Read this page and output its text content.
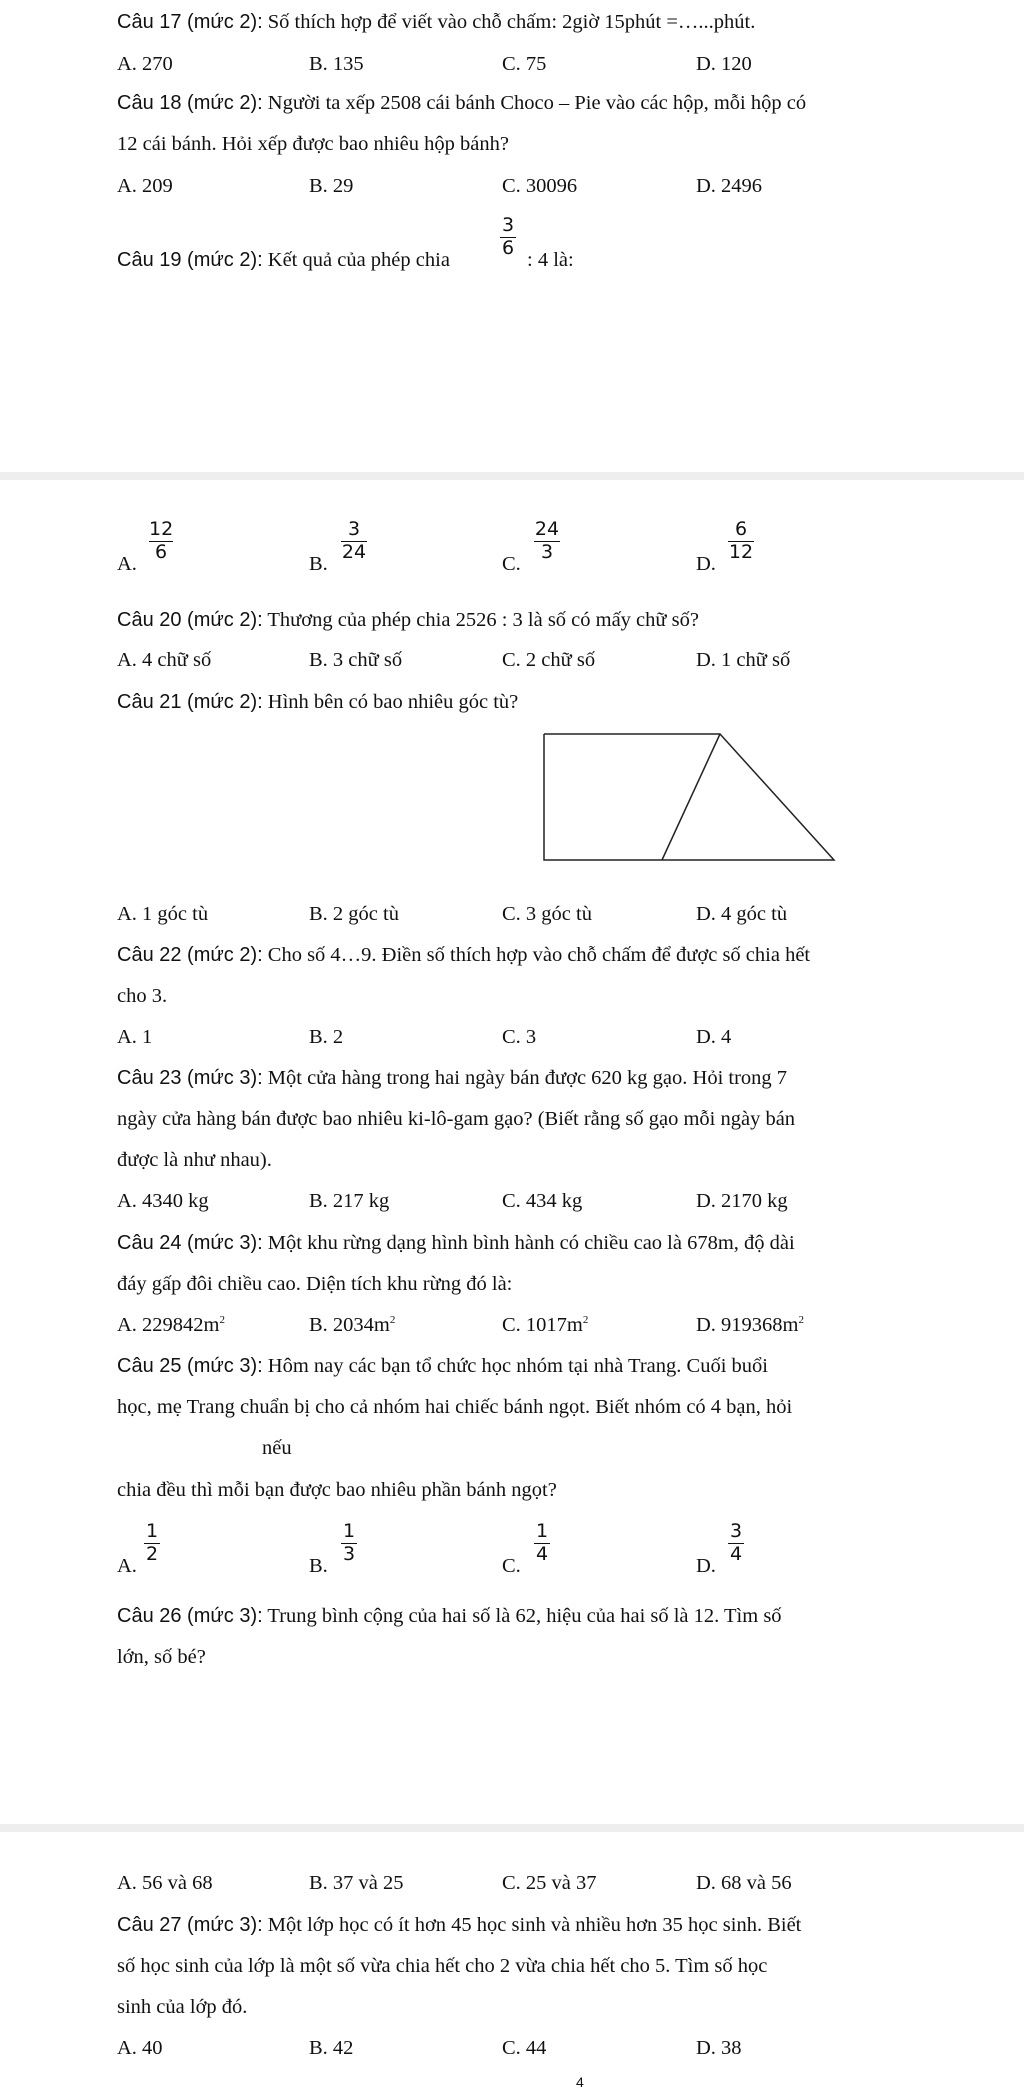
Câu 17 (mức 2): Số thích hợp để viết vào chỗ chấm: 2giờ 15phút =…...phút.
A. 270	B. 135	C. 75	D. 120
Câu 18 (mức 2): Người ta xếp 2508 cái bánh Choco – Pie vào các hộp, mỗi hộp có
12 cái bánh. Hỏi xếp được bao nhiêu hộp bánh?
A. 209	B. 29	C. 30096	D. 2496
Câu 19 (mức 2): Kết quả của phép chia
3
6
: 4 là:
A.
12
6
B.
3
24
C.
24
3
D.
6
12
Câu 20 (mức 2): Thương của phép chia 2526 : 3 là số có mấy chữ số?
A. 4 chữ số	B. 3 chữ số	C. 2 chữ số	D. 1 chữ số
Câu 21 (mức 2): Hình bên có bao nhiêu góc tù?
A. 1 góc tù	B. 2 góc tù	C. 3 góc tù	D. 4 góc tù
Câu 22 (mức 2): Cho số 4…9. Điền số thích hợp vào chỗ chấm để được số chia hết
cho 3.
A. 1	B. 2	C. 3	D. 4
Câu 23 (mức 3): Một cửa hàng trong hai ngày bán được 620 kg gạo. Hỏi trong 7
ngày cửa hàng bán được bao nhiêu ki-lô-gam gạo? (Biết rằng số gạo mỗi ngày bán
được là như nhau).
A. 4340 kg	B. 217 kg	C. 434 kg	D. 2170 kg
Câu 24 (mức 3): Một khu rừng dạng hình bình hành có chiều cao là 678m, độ dài
đáy gấp đôi chiều cao. Diện tích khu rừng đó là:
A. $229842m^2$	B. $2034m^2$	C. $1017m^2$	D. $919368m^2$
Câu 25 (mức 3): Hôm nay các bạn tổ chức học nhóm tại nhà Trang. Cuối buổi
học, mẹ Trang chuẩn bị cho cả nhóm hai chiếc bánh ngọt. Biết nhóm có 4 bạn, hỏi
nếu
chia đều thì mỗi bạn được bao nhiêu phần bánh ngọt?
A.
1
2
B.
1
3
C.
1
4
D.
3
4
Câu 26 (mức 3): Trung bình cộng của hai số là 62, hiệu của hai số là 12. Tìm số
lớn, số bé?
A. 56 và 68	B. 37 và 25	C. 25 và 37	D. 68 và 56
Câu 27 (mức 3): Một lớp học có ít hơn 45 học sinh và nhiều hơn 35 học sinh. Biết
số học sinh của lớp là một số vừa chia hết cho 2 vừa chia hết cho 5. Tìm số học
sinh của lớp đó.
A. 40	B. 42	C. 44	D. 38
4
